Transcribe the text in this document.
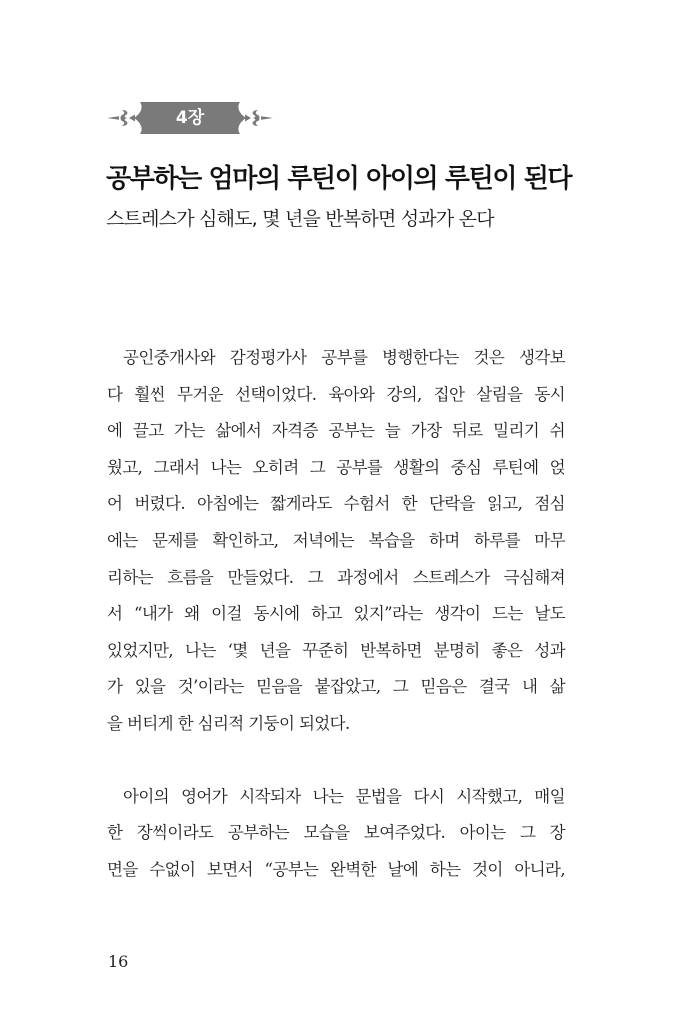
4장
공부하는 엄마의 루틴이 아이의 루틴이 된다
스트레스가 심해도, 몇 년을 반복하면 성과가 온다
공인중개사와 감정평가사 공부를 병행한다는 것은 생각보
다 훨씬 무거운 선택이었다. 육아와 강의, 집안 살림을 동시
에 끌고 가는 삶에서 자격증 공부는 늘 가장 뒤로 밀리기 쉬
웠고, 그래서 나는 오히려 그 공부를 생활의 중심 루틴에 얹
어 버렸다. 아침에는 짧게라도 수험서 한 단락을 읽고, 점심
에는 문제를 확인하고, 저녁에는 복습을 하며 하루를 마무
리하는 흐름을 만들었다. 그 과정에서 스트레스가 극심해져
서 “내가 왜 이걸 동시에 하고 있지”라는 생각이 드는 날도
있었지만, 나는 ‘몇 년을 꾸준히 반복하면 분명히 좋은 성과
가 있을 것’이라는 믿음을 붙잡았고, 그 믿음은 결국 내 삶
을 버티게 한 심리적 기둥이 되었다.
아이의 영어가 시작되자 나는 문법을 다시 시작했고, 매일
한 장씩이라도 공부하는 모습을 보여주었다. 아이는 그 장
면을 수없이 보면서 “공부는 완벽한 날에 하는 것이 아니라,
16
